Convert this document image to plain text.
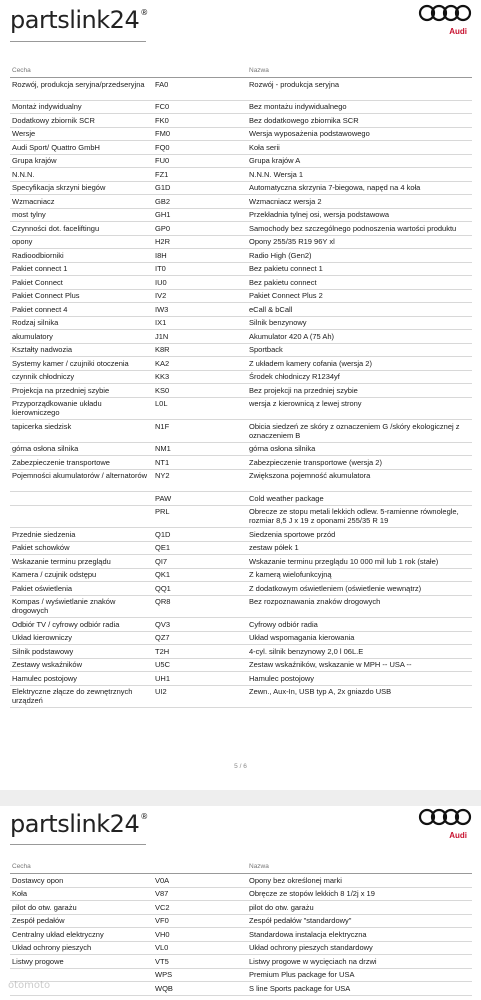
partslink24®
Audi
Cecha		Nazwa
Rozwój, produkcja seryjna/przedseryjna	FA0	Rozwój - produkcja seryjna
Montaż indywidualny	FC0	Bez montażu indywidualnego
Dodatkowy zbiornik SCR	FK0	Bez dodatkowego zbiornika SCR
Wersje	FM0	Wersja wyposażenia podstawowego
Audi Sport/ Quattro GmbH	FQ0	Koła serii
Grupa krajów	FU0	Grupa krajów A
N.N.N.	FZ1	N.N.N. Wersja 1
Specyfikacja skrzyni biegów	G1D	Automatyczna skrzynia 7-biegowa, napęd na 4 koła
Wzmacniacz	GB2	Wzmacniacz wersja 2
most tylny	GH1	Przekładnia tylnej osi, wersja podstawowa
Czynności dot. faceliftingu	GP0	Samochody bez szczególnego podnoszenia wartości produktu
opony	H2R	Opony 255/35 R19 96Y xl
Radioodbiorniki	I8H	Radio High (Gen2)
Pakiet connect 1	IT0	Bez pakietu connect 1
Pakiet Connect	IU0	Bez pakietu connect
Pakiet Connect Plus	IV2	Pakiet Connect Plus 2
Pakiet connect 4	IW3	eCall & bCall
Rodzaj silnika	IX1	Silnik benzynowy
akumulatory	J1N	Akumulator 420 A (75 Ah)
Kształty nadwozia	K8R	Sportback
Systemy kamer / czujniki otoczenia	KA2	Z układem kamery cofania (wersja 2)
czynnik chłodniczy	KK3	Środek chłodniczy R1234yf
Projekcja na przedniej szybie	KS0	Bez projekcji na przedniej szybie
Przyporządkowanie układu kierowniczego	L0L	wersja z kierownicą z lewej strony
tapicerka siedzisk	N1F	Obicia siedzeń ze skóry z oznaczeniem G /skóry ekologicznej z oznaczeniem B
górna osłona silnika	NM1	górna osłona silnika
Zabezpieczenie transportowe	NT1	Zabezpieczenie transportowe (wersja 2)
Pojemności akumulatorów / alternatorów	NY2	Zwiększona pojemność akumulatora
	PAW	Cold weather package
	PRL	Obrecze ze stopu metali lekkich odlew. 5-ramienne równolegle, rozmiar 8,5 J x 19 z oponami 255/35 R 19
Przednie siedzenia	Q1D	Siedzenia sportowe przód
Pakiet schowków	QE1	zestaw półek 1
Wskazanie terminu przeglądu	QI7	Wskazanie terminu przeglądu 10 000 mil lub 1 rok (stałe)
Kamera / czujnik odstępu	QK1	Z kamerą wielofunkcyjną
Pakiet oświetlenia	QQ1	Z dodatkowym oświetleniem (oświetlenie wewnątrz)
Kompas / wyświetlanie znaków drogowych	QR8	Bez rozpoznawania znaków drogowych
Odbiór TV / cyfrowy odbiór radia	QV3	Cyfrowy odbiór radia
Układ kierowniczy	QZ7	Układ wspomagania kierowania
Silnik podstawowy	T2H	4-cyl. silnik benzynowy 2,0 l 06L.E
Zestawy wskaźników	U5C	Zestaw wskaźników, wskazanie w MPH -- USA --
Hamulec postojowy	UH1	Hamulec postojowy
Elektryczne złącze do zewnętrznych urządzeń	UI2	Zewn., Aux-In, USB typ A, 2x gniazdo USB
5 / 6
partslink24®
Audi
Cecha		Nazwa
Dostawcy opon	V0A	Opony bez określonej marki
Koła	V87	Obręcze ze stopów lekkich 8 1/2j x 19
pilot do otw. garażu	VC2	pilot do otw. garażu
Zespół pedałów	VF0	Zespół pedałów "standardowy"
Centralny układ elektryczny	VH0	Standardowa instalacja elektryczna
Układ ochrony pieszych	VL0	Układ ochrony pieszych standardowy
Listwy progowe	VT5	Listwy progowe w wycięciach na drzwi
	WPS	Premium Plus package for USA
	WQB	S line Sports package for USA
otomoto
